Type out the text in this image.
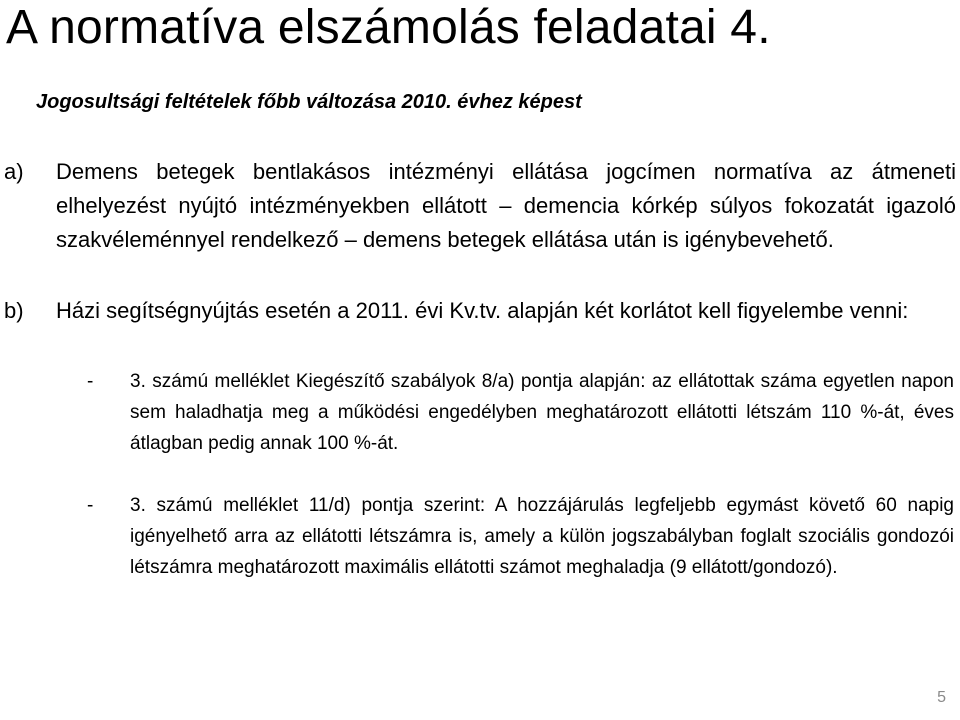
A normatíva elszámolás feladatai 4.
Jogosultsági feltételek főbb változása 2010. évhez képest
a)	Demens betegek bentlakásos intézményi ellátása jogcímen normatíva az átmeneti elhelyezést nyújtó intézményekben ellátott – demencia kórkép súlyos fokozatát igazoló szakvéleménnyel rendelkező – demens betegek ellátása után is igénybevehető.
b)	Házi segítségnyújtás esetén a 2011. évi Kv.tv. alapján két korlátot kell figyelembe venni:
-	3. számú melléklet Kiegészítő szabályok 8/a) pontja alapján: az ellátottak száma egyetlen napon sem haladhatja meg a működési engedélyben meghatározott ellátotti létszám 110 %-át, éves átlagban pedig annak 100 %-át.
-	3. számú melléklet 11/d) pontja szerint: A hozzájárulás legfeljebb egymást követő 60 napig igényelhető arra az ellátotti létszámra is, amely a külön jogszabályban foglalt szociális gondozói létszámra meghatározott maximális ellátotti számot meghaladja (9 ellátott/gondozó).
5
